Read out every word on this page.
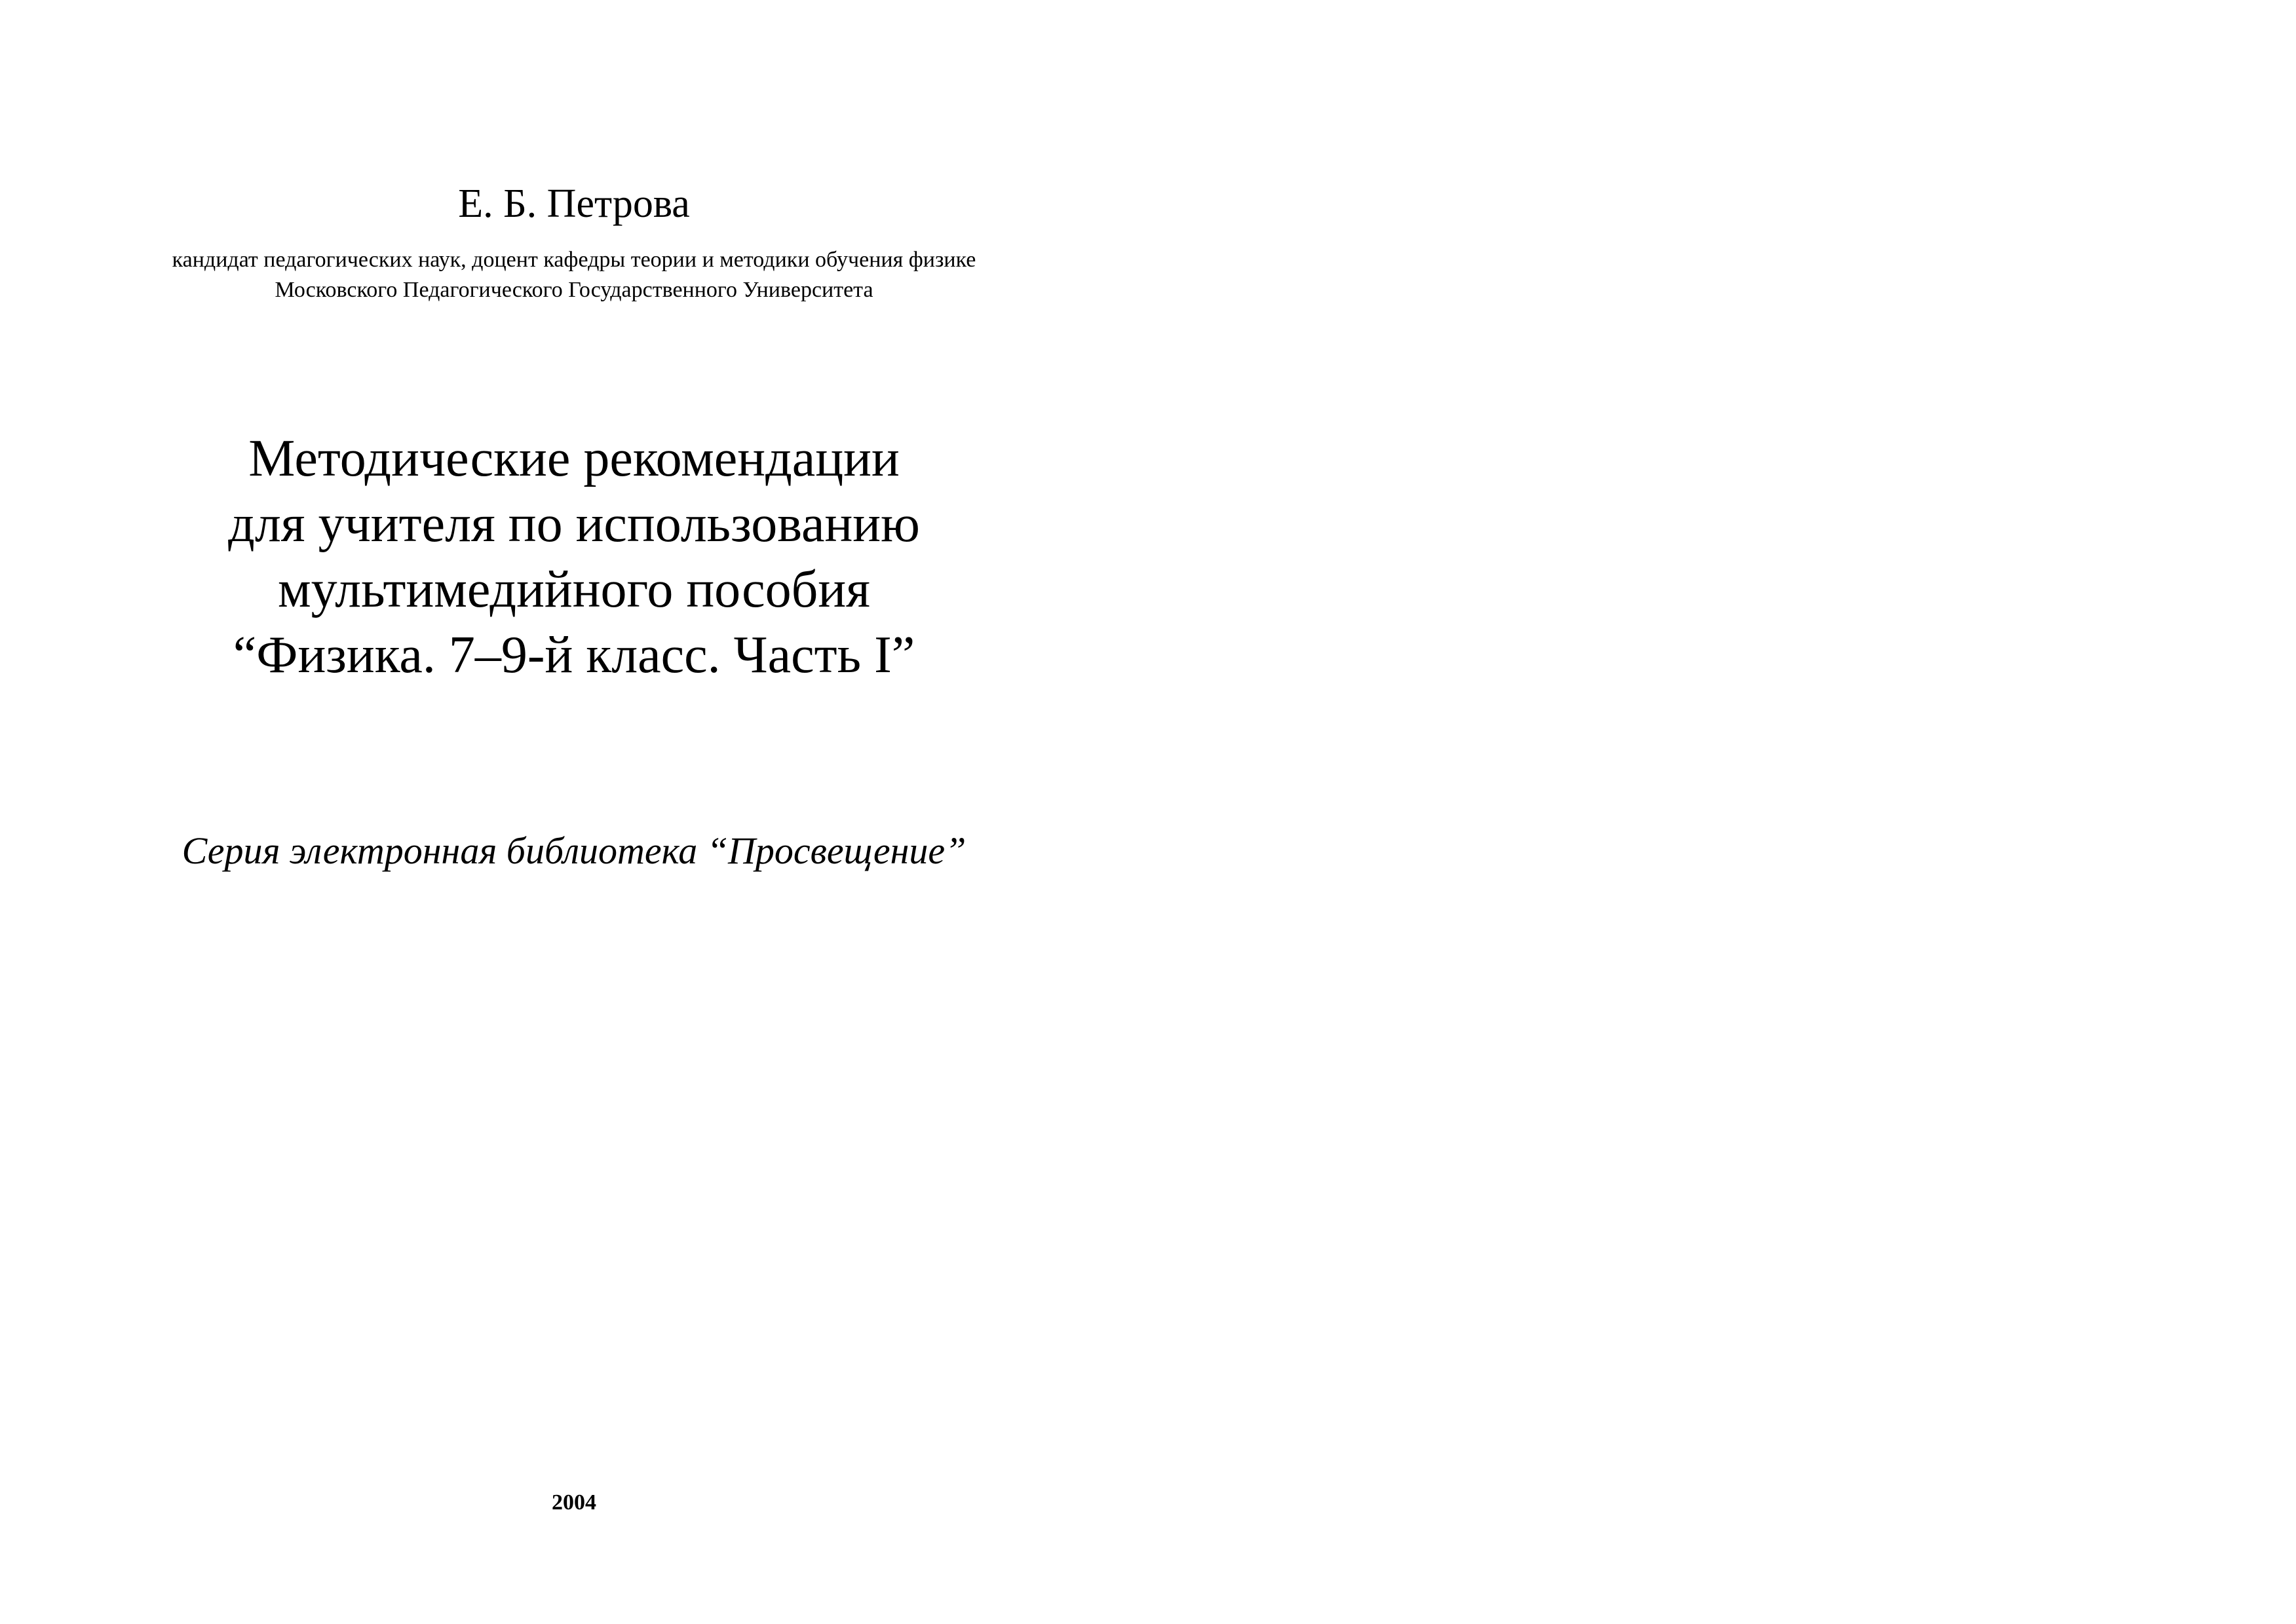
Е. Б. Петрова
кандидат педагогических наук, доцент кафедры теории и методики обучения физике
Московского Педагогического Государственного Университета
Методические рекомендации
для учителя по использованию
мультимедийного пособия
“Физика. 7–9-й класс. Часть I”
Серия электронная библиотека “Просвещение”
2004
